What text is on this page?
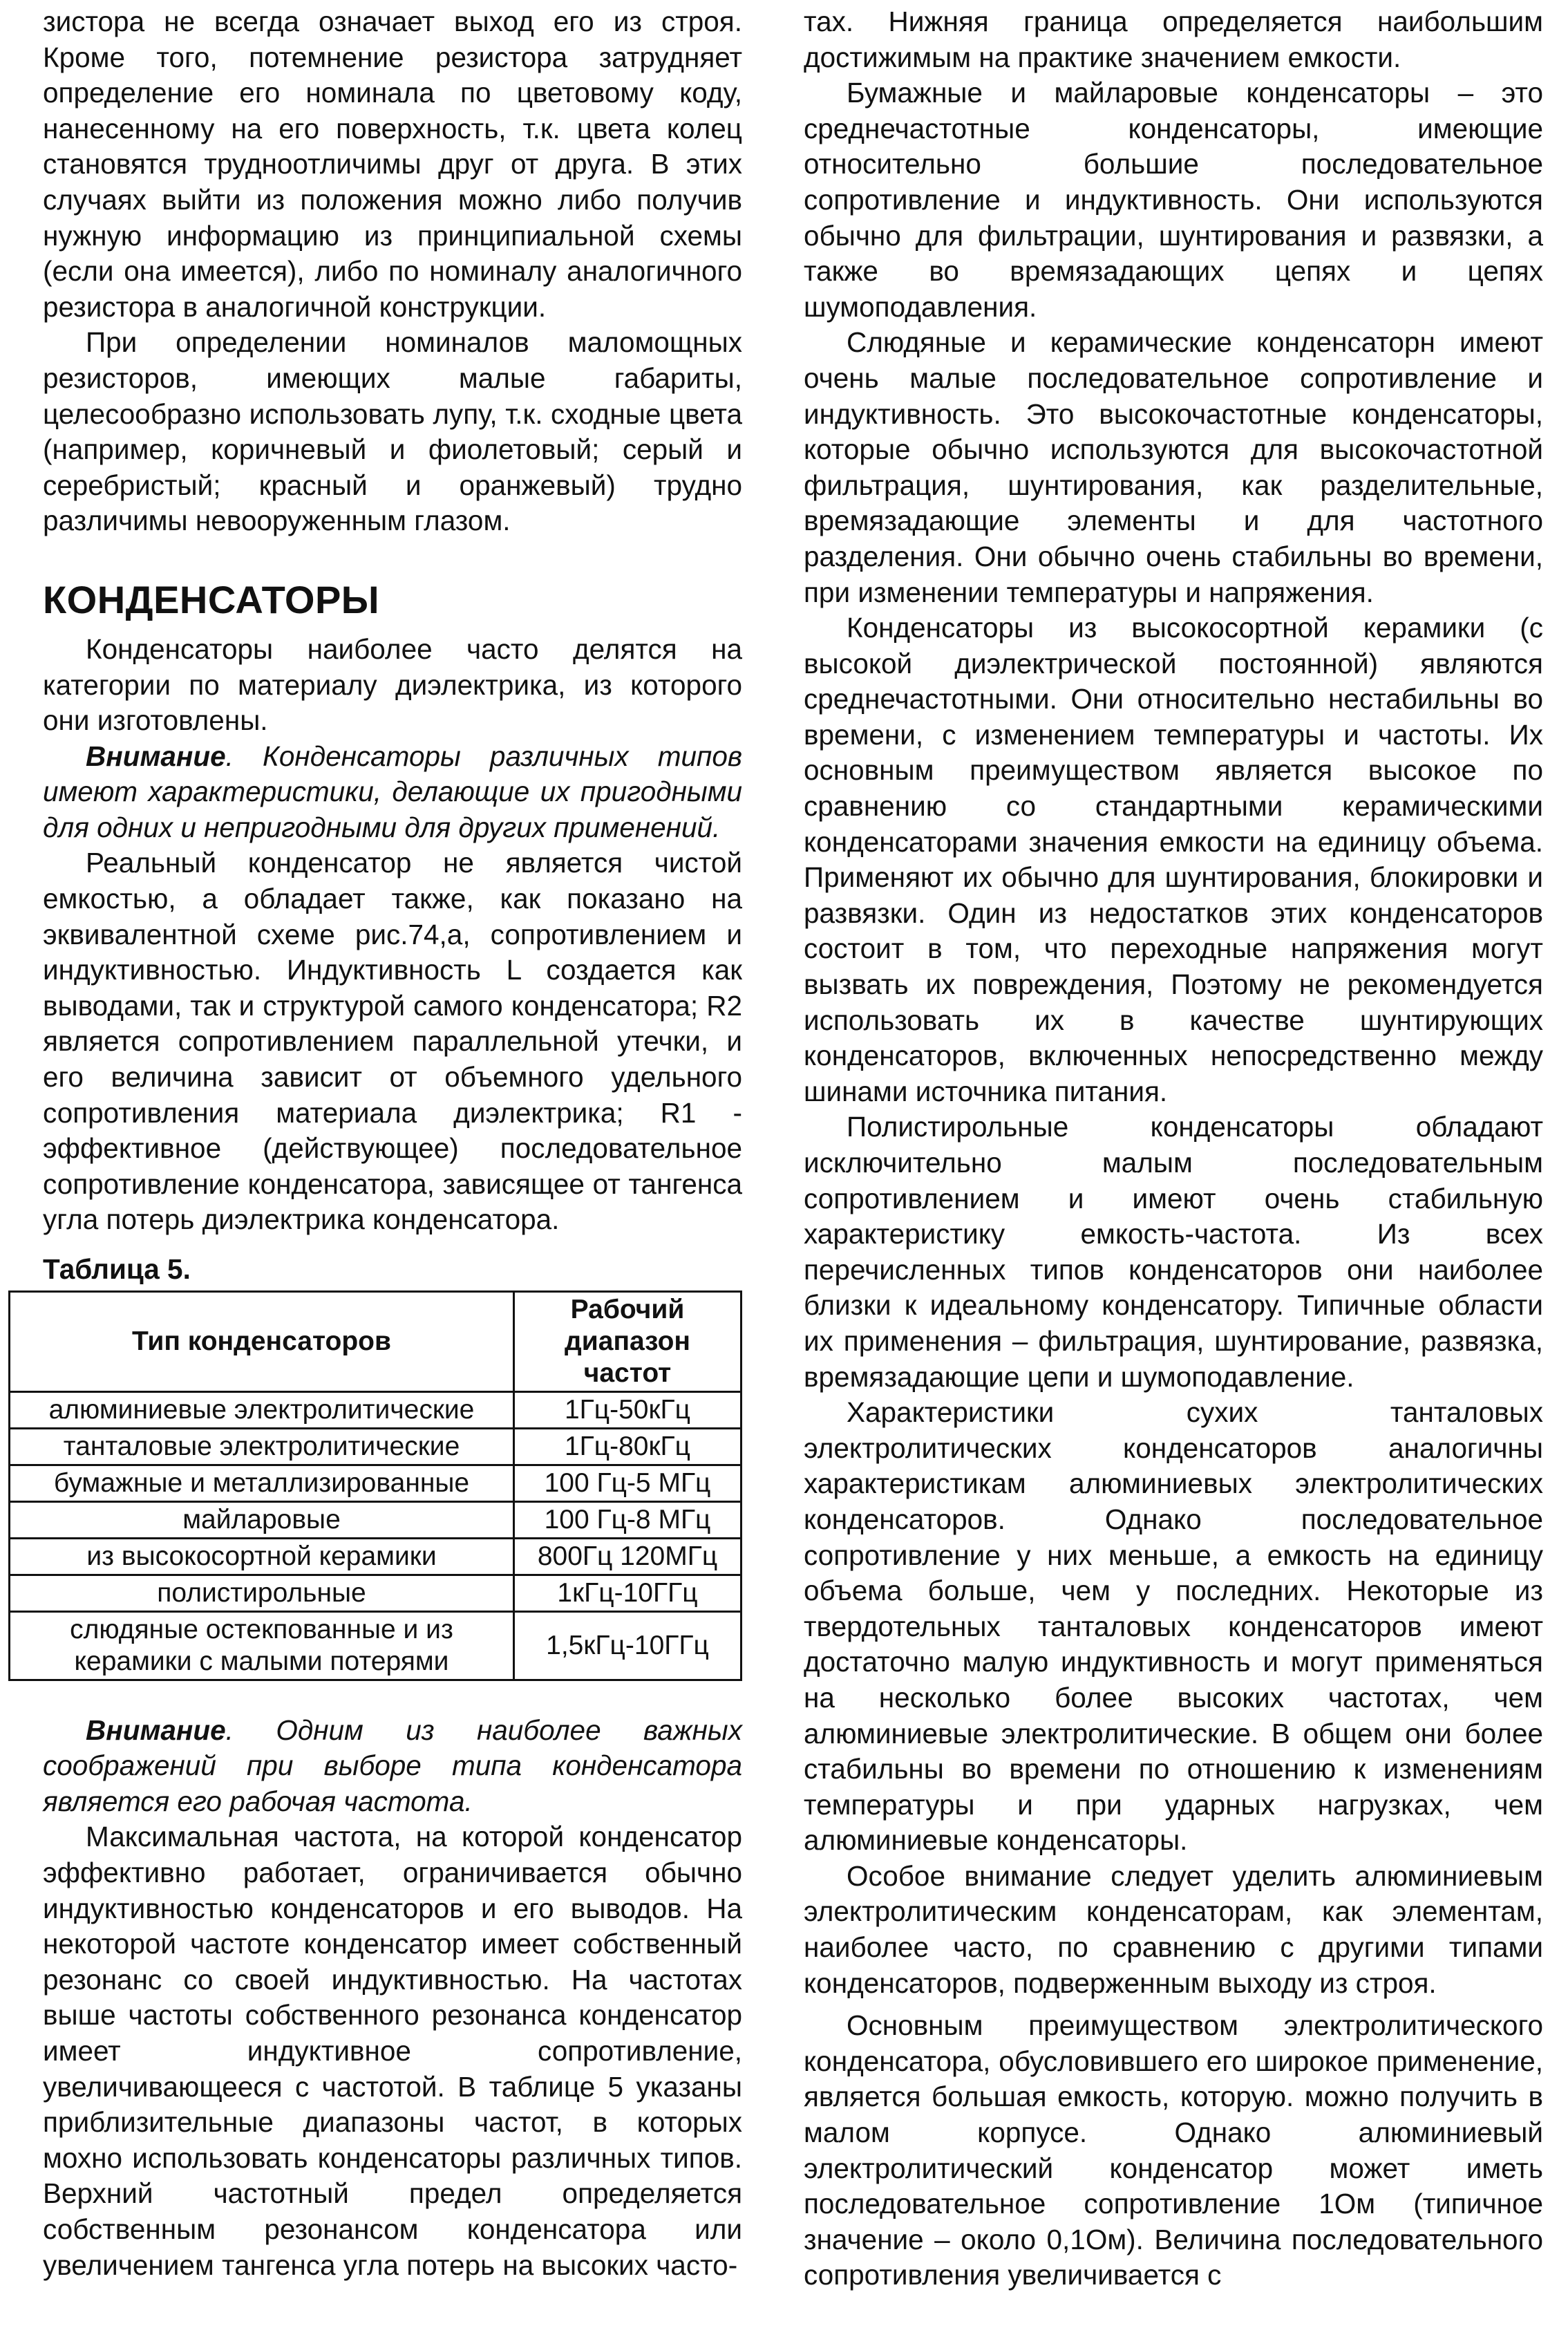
зистора не всегда означает выход его из строя. Кроме того, потемнение резистора затрудняет определение его номинала по цветовому коду, нанесенному на его поверхность, т.к. цвета колец становятся трудноотличимы друг от друга. В этих случаях выйти из положения можно либо получив нужную информацию из принципиальной схемы (если она имеется), либо по номиналу аналогичного резистора в аналогичной конструкции.

При определении номиналов маломощных резисторов, имеющих малые габариты, целесообразно использовать лупу, т.к. сходные цвета (например, коричневый и фиолетовый; серый и серебристый; красный и оранжевый) трудно различимы невооруженным глазом.

КОНДЕНСАТОРЫ

Конденсаторы наиболее часто делятся на категории по материалу диэлектрика, из которого они изготовлены.

Внимание. Конденсаторы различных типов имеют характеристики, делающие их пригодными для одних и непригодными для других применений.

Реальный конденсатор не является чистой емкостью, а обладает также, как показано на эквивалентной схеме рис.74,а, сопротивлением и индуктивностью. Индуктивность L создается как выводами, так и структурой самого конденсатора; R2 является сопротивлением параллельной утечки, и его величина зависит от объемного удельного сопротивления материала диэлектрика; R1 - эффективное (действующее) последовательное сопротивление конденсатора, зависящее от тангенса угла потерь диэлектрика конденсатора.

Таблица 5.
Тип конденсаторов	Рабочий диапазон частот
алюминиевые электролитические	1Гц-50кГц
танталовые электролитические	1Гц-80кГц
бумажные и металлизированные	100 Гц-5 МГц
майларовые	100 Гц-8 МГц
из высокосортной керамики	800Гц 120МГц
полистирольные	1кГц-10ГГц
слюдяные остекпованные и из керамики с малыми потерями	1,5кГц-10ГГц

Внимание. Одним из наиболее важных соображений при выборе типа конденсатора является его рабочая частота.

Максимальная частота, на которой конденсатор эффективно работает, ограничивается обычно индуктивностью конденсаторов и его выводов. На некоторой частоте конденсатор имеет собственный резонанс со своей индуктивностью. На частотах выше частоты собственного резонанса конденсатор имеет индуктивное сопротивление, увеличивающееся с частотой. В таблице 5 указаны приблизительные диапазоны частот, в которых мохно использовать конденсаторы различных типов. Верхний частотный предел определяется собственным резонансом конденсатора или увеличением тангенса угла потерь на высоких часто-

тах. Нижняя граница определяется наибольшим достижимым на практике значением емкости.

Бумажные и майларовые конденсаторы – это среднечастотные конденсаторы, имеющие относительно большие последовательное сопротивление и индуктивность. Они используются обычно для фильтрации, шунтирования и развязки, а также во времязадающих цепях и цепях шумоподавления.

Слюдяные и керамические конденсаторн имеют очень малые последовательное сопротивление и индуктивность. Это высокочастотные конденсаторы, которые обычно используются для высокочастотной фильтрация, шунтирования, как разделительные, времязадающие элементы и для частотного разделения. Они обычно очень стабильны во времени, при изменении температуры и напряжения.

Конденсаторы из высокосортной керамики (с высокой диэлектрической постоянной) являются среднечастотными. Они относительно нестабильны во времени, с изменением температуры и частоты. Их основным преимуществом является высокое по сравнению со стандартными керамическими конденсаторами значения емкости на единицу объема. Применяют их обычно для шунтирования, блокировки и развязки. Один из недостатков этих конденсаторов состоит в том, что переходные напряжения могут вызвать их повреждения, Поэтому не рекомендуется использовать их в качестве шунтирующих конденсаторов, включенных непосредственно между шинами источника питания.

Полистирольные конденсаторы обладают исключительно малым последовательным сопротивлением и имеют очень стабильную характеристику емкость-частота. Из всех перечисленных типов конденсаторов они наиболее близки к идеальному конденсатору. Типичные области их применения – фильтрация, шунтирование, развязка, времязадающие цепи и шумоподавление.

Характеристики сухих танталовых электролитических конденсаторов аналогичны характеристикам алюминиевых электролитических конденсаторов. Однако последовательное сопротивление у них меньше, а емкость на единицу объема больше, чем у последних. Некоторые из твердотельных танталовых конденсаторов имеют достаточно малую индуктивность и могут применяться на несколько более высоких частотах, чем алюминиевые электролитические. В общем они более стабильны во времени по отношению к изменениям температуры и при ударных нагрузках, чем алюминиевые конденсаторы.

Особое внимание следует уделить алюминиевым электролитическим конденсаторам, как элементам, наиболее часто, по сравнению с другими типами конденсаторов, подверженным выходу из строя.

Основным преимуществом электролитического конденсатора, обусловившего его широкое применение, является большая емкость, которую. можно получить в малом корпусе. Однако алюминиевый электролитический конденсатор может иметь последовательное сопротивление 1Ом (типичное значение – около 0,1Ом). Величина последовательного сопротивления увеличивается с
